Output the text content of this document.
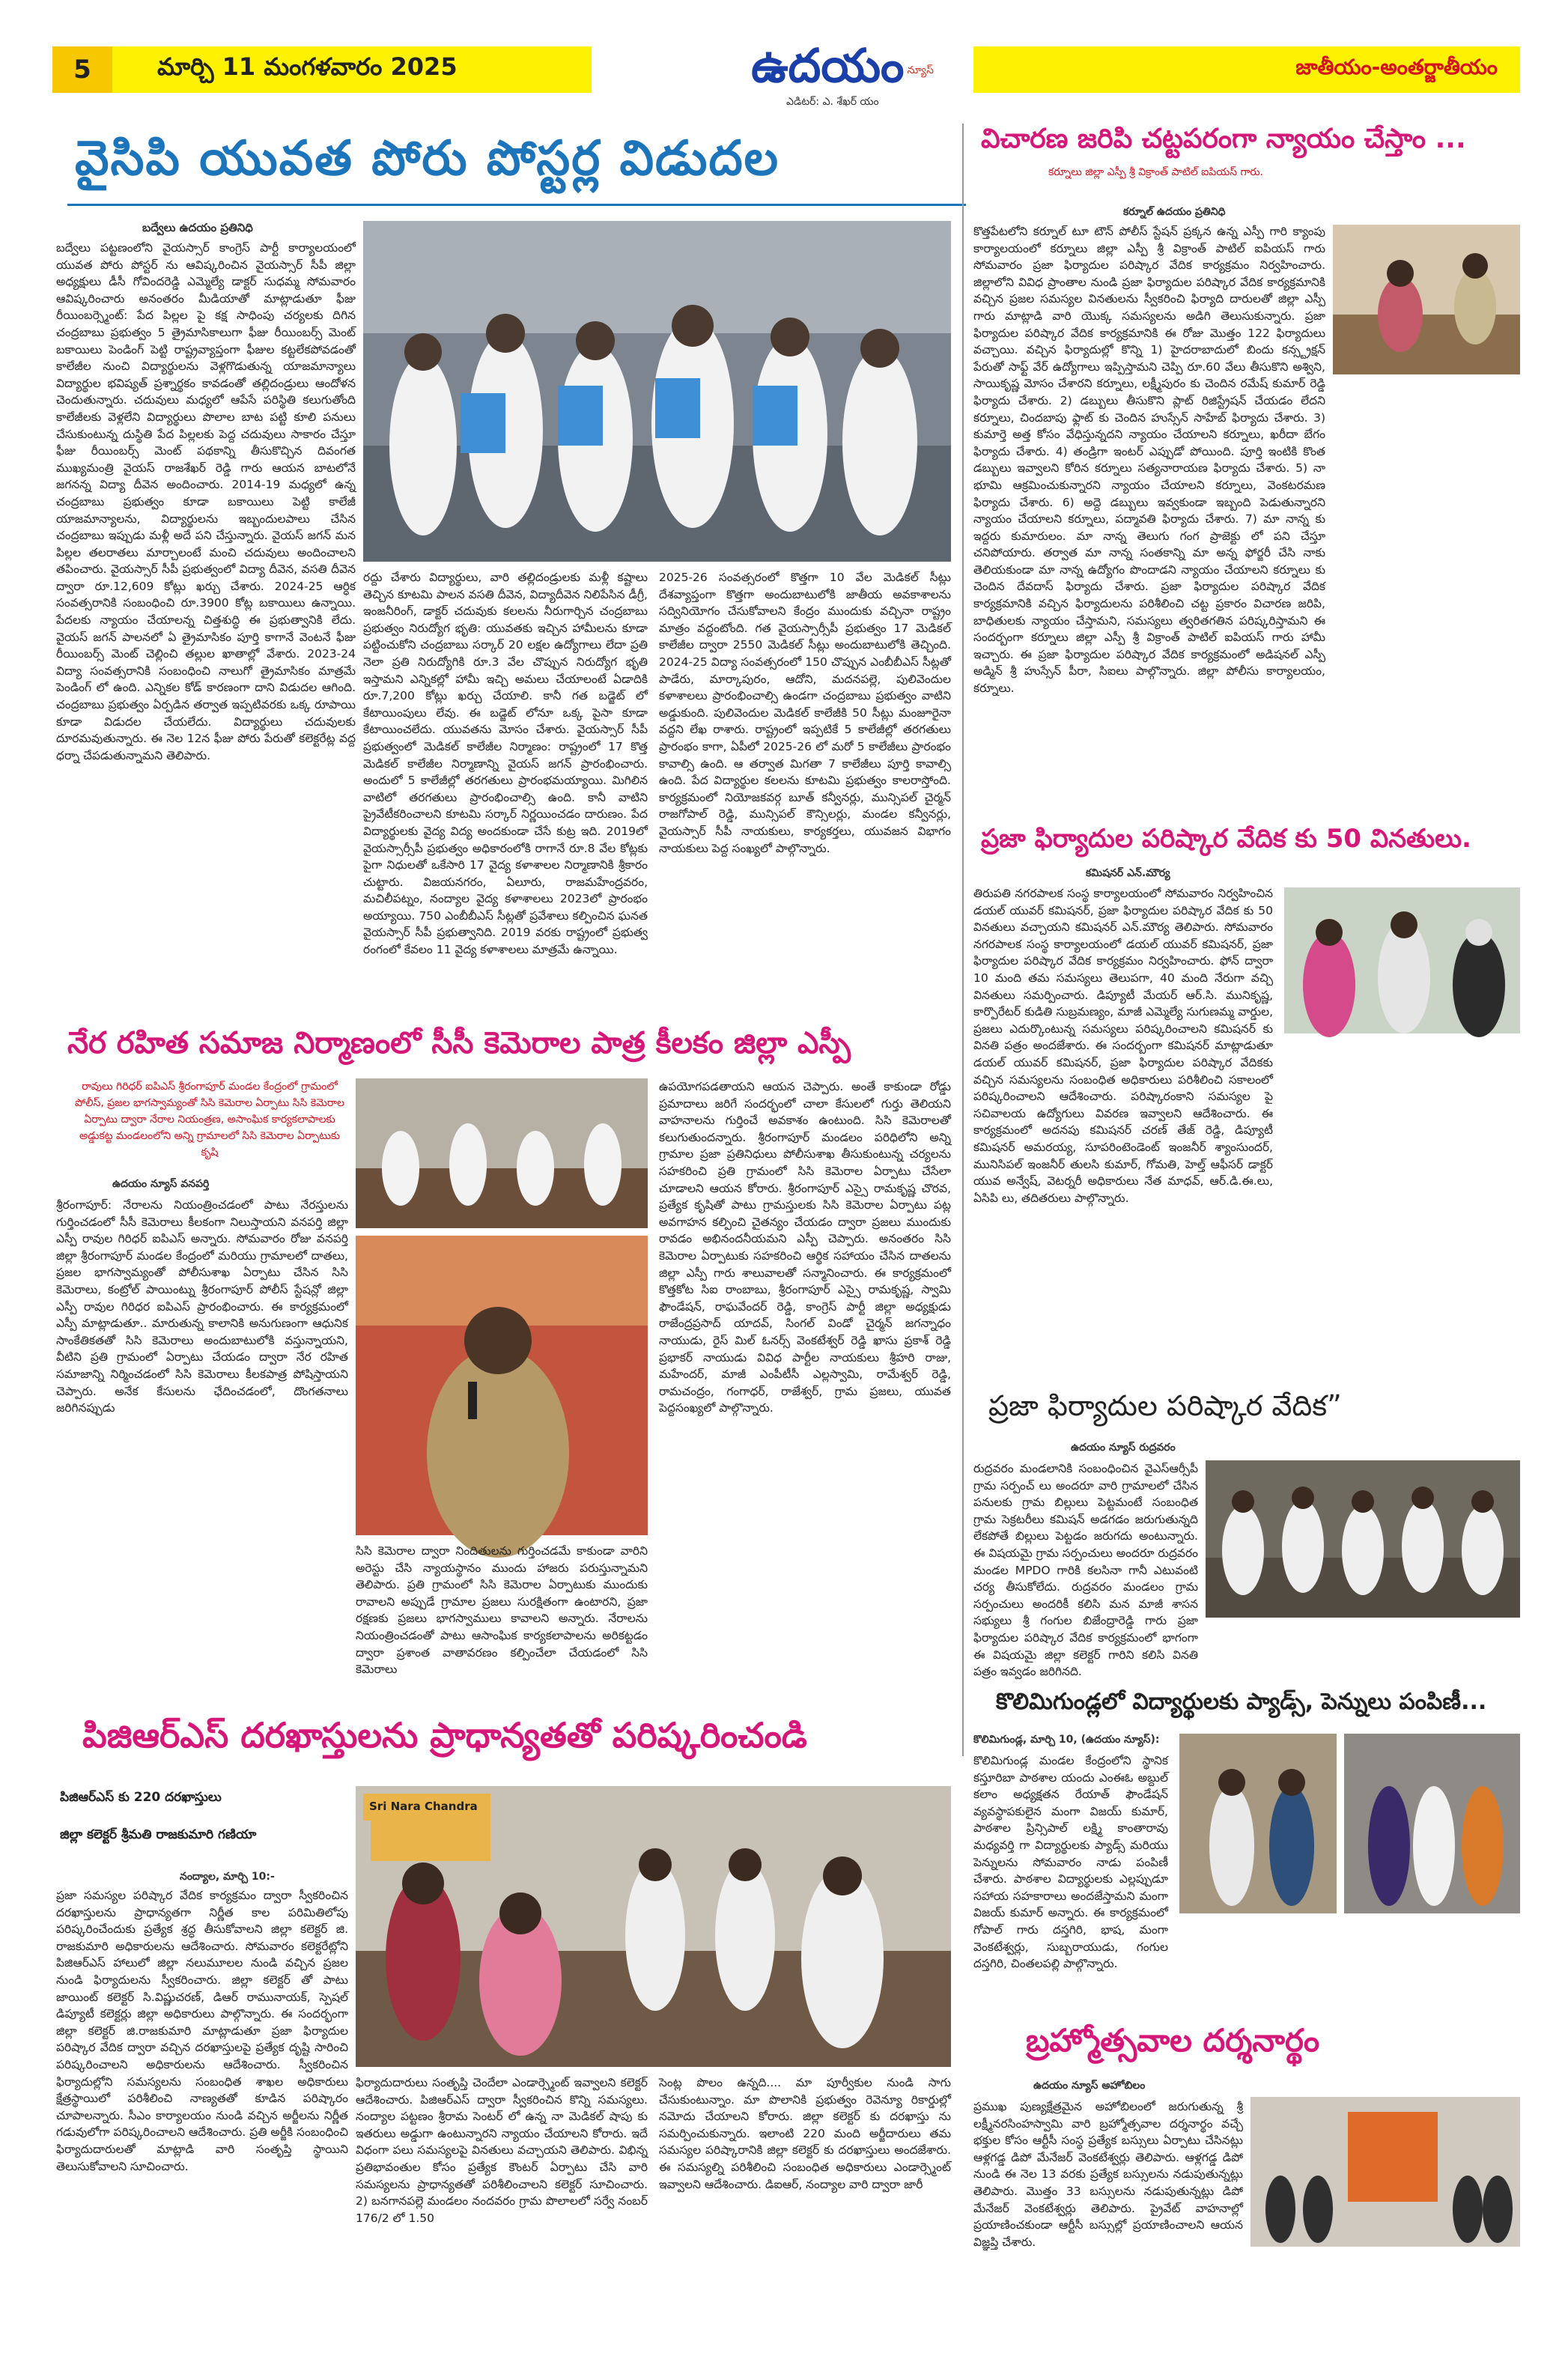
5	మార్చి 11 మంగళవారం 2025	ఉదయం న్యూస్
ఎడిటర్: ఎ. శేఖర్ యం
జాతీయం-అంతర్జాతీయం
వైసిపి యువత పోరు పోస్టర్ల విడుదల
బద్వేలు ఉదయం ప్రతినిధి
బద్వేలు పట్టణంలోని వైయస్సార్ కాంగ్రెస్ పార్టీ కార్యాలయంలో యువత పోరు పోస్టర్ ను ఆవిష్కరించిన వైయస్సార్ సీపీ జిల్లా అధ్యక్షులు డీసీ గోవిందరెడ్డి ఎమ్మెల్యే డాక్టర్ సుధమ్మ సోమవారం ఆవిష్కరించారు అనంతరం మీడియాతో మాట్లాడుతూ ఫీజు రీయింబర్స్మెంట్: పేద పిల్లల పై కక్ష సాధింపు చర్యలకు దిగిన చంద్రబాబు ప్రభుత్వం 5 త్రైమాసికాలుగా ఫీజు రీయింబర్స్ మెంట్ బకాయిలు పెండింగ్ పెట్టి రాష్ట్రవ్యాప్తంగా ఫీజుల కట్టలేకపోవడంతో కాలేజీల నుంచి విద్యార్థులను వెళ్లగొడుతున్న యాజమాన్యాలు విద్యార్థుల భవిష్యత్ ప్రశ్నార్థకం కావడంతో తల్లిదండ్రులు ఆందోళన చెందుతున్నారు. చదువులు మధ్యలో ఆపేసే పరిస్థితి కలుగుతోంది కాలేజీలకు వెళ్లలేని విద్యార్థులు పొలాల బాట పట్టి కూలి పనులు చేసుకుంటున్న దుస్థితి పేద పిల్లలకు పెద్ద చదువులు సాకారం చేస్తూ ఫీజు రీయింబర్స్ మెంట్ పథకాన్ని తీసుకొచ్చిన దివంగత ముఖ్యమంత్రి వైయస్ రాజశేఖర్ రెడ్డి గారు ఆయన బాటలోనే జగనన్న విద్యా దీవెన అందించారు. 2014-19 మధ్యలో ఉన్న చంద్రబాబు ప్రభుత్వం కూడా బకాయిలు పెట్టి కాలేజీ యాజమాన్యాలను, విద్యార్థులను ఇబ్బందులపాలు చేసిన చంద్రబాబు ఇప్పుడు మళ్లీ అదే పని చేస్తున్నారు. వైయస్ జగన్ మన పిల్లల తలరాతలు మార్చాలంటే మంచి చదువులు అందించాలని తపించారు. వైయస్సార్ సీపీ ప్రభుత్వంలో విద్యా దీవెన, వసతి దీవెన ద్వారా రూ.12,609 కోట్లు ఖర్చు చేశారు. 2024-25 ఆర్ధిక సంవత్సరానికి సంబంధించి రూ.3900 కోట్ల బకాయిలు ఉన్నాయి. పేదలకు న్యాయం చేయాలన్న చిత్తశుద్ధి ఈ ప్రభుత్వానికి లేదు. వైయస్ జగన్ పాలనలో ఏ త్రైమాసికం పూర్తి కాగానే వెంటనే ఫీజు రీయింబర్స్ మెంట్ చెల్లించి తల్లుల ఖాతాల్లో వేశారు. 2023-24 విద్యా సంవత్సరానికి సంబంధించి నాలుగో త్రైమాసికం మాత్రమే పెండింగ్ లో ఉంది. ఎన్నికల కోడ్ కారణంగా దాని విడుదల ఆగింది. చంద్రబాబు ప్రభుత్వం ఏర్పడిన తర్వాత ఇప్పటివరకు ఒక్క రూపాయి కూడా విడుదల చేయలేదు. విద్యార్థులు చదువులకు దూరమవుతున్నారు. ఈ నెల 12న ఫీజు పోరు పేరుతో కలెక్టరేట్ల వద్ద ధర్నా చేపడుతున్నామని తెలిపారు.
రద్దు చేశారు విద్యార్థులు, వారి తల్లిదండ్రులకు మళ్లీ కష్టాలు తెచ్చిన కూటమి పాలన వసతి దీవెన, విద్యాదీవెన నిలిపేసిన డీగ్రీ, ఇంజనీరింగ్, డాక్టర్ చదువుకు కలలను నీరుగార్చిన చంద్రబాబు ప్రభుత్వం నిరుద్యోగ భృతి: యువతకు ఇచ్చిన హామీలను కూడా పట్టించుకోని చంద్రబాబు సర్కార్ 20 లక్షల ఉద్యోగాలు లేదా ప్రతి నెలా ప్రతి నిరుద్యోగికి రూ.3 వేల చొప్పున నిరుద్యోగ భృతి ఇస్తామని ఎన్నికల్లో హామీ ఇచ్చి అమలు చేయాలంటే ఏడాదికి రూ.7,200 కోట్లు ఖర్చు చేయాలి. కానీ గత బడ్జెట్ లో కేటాయింపులు లేవు. ఈ బడ్జెట్ లోనూ ఒక్క పైసా కూడా కేటాయించలేదు. యువతను మోసం చేశారు. వైయస్సార్ సీపీ ప్రభుత్వంలో మెడికల్ కాలేజీల నిర్మాణం: రాష్ట్రంలో 17 కొత్త మెడికల్ కాలేజీల నిర్మాణాన్ని వైయస్ జగన్ ప్రారంభించారు. అందులో 5 కాలేజీల్లో తరగతులు ప్రారంభమయ్యాయి. మిగిలిన వాటిలో తరగతులు ప్రారంభించాల్సి ఉంది. కానీ వాటిని ప్రైవేటీకరించాలని కూటమి సర్కార్ నిర్ణయించడం దారుణం. పేద విద్యార్థులకు వైద్య విద్య అందకుండా చేసే కుట్ర ఇది. 2019లో వైయస్సార్సీపీ ప్రభుత్వం అధికారంలోకి రాగానే రూ.8 వేల కోట్లకు పైగా నిధులతో ఒకేసారి 17 వైద్య కళాశాలల నిర్మాణానికి శ్రీకారం చుట్టారు. విజయనగరం, ఏలూరు, రాజమహేంద్రవరం, మచిలీపట్నం, నంద్యాల వైద్య కళాశాలలు 2023లో ప్రారంభం అయ్యాయి. 750 ఎంబీబీఎస్ సీట్లతో ప్రవేశాలు కల్పించిన ఘనత వైయస్సార్ సీపీ ప్రభుత్వానిది. 2019 వరకు రాష్ట్రంలో ప్రభుత్వ రంగంలో కేవలం 11 వైద్య కళాశాలలు మాత్రమే ఉన్నాయి.
2025-26 సంవత్సరంలో కొత్తగా 10 వేల మెడికల్ సీట్లు దేశవ్యాప్తంగా కొత్తగా అందుబాటులోకి జాతీయ అవకాశాలను సద్వినియోగం చేసుకోవాలని కేంద్రం ముందుకు వచ్చినా రాష్ట్రం మాత్రం వద్దంటోంది. గత వైయస్సార్సీపీ ప్రభుత్వం 17 మెడికల్ కాలేజీల ద్వారా 2550 మెడికల్ సీట్లు అందుబాటులోకి తెచ్చింది. 2024-25 విద్యా సంవత్సరంలో 150 చొప్పున ఎంబీబీఎస్ సీట్లతో పాడేరు, మార్కాపురం, ఆదోని, మదనపల్లె, పులివెందుల కళాశాలలు ప్రారంభించాల్సి ఉండగా చంద్రబాబు ప్రభుత్వం వాటిని అడ్డుకుంది. పులివెందుల మెడికల్ కాలేజీకి 50 సీట్లు మంజూరైనా వద్దని లేఖ రాశారు. రాష్ట్రంలో ఇప్పటికే 5 కాలేజీల్లో తరగతులు ప్రారంభం కాగా, ఏపీలో 2025-26 లో మరో 5 కాలేజీలు ప్రారంభం కావాల్సి ఉంది. ఆ తర్వాత మిగతా 7 కాలేజీలు పూర్తి కావాల్సి ఉంది. పేద విద్యార్థుల కలలను కూటమి ప్రభుత్వం కాలరాస్తోంది. కార్యక్రమంలో నియోజకవర్గ బూత్ కన్వీనర్లు, మున్సిపల్ చైర్మన్ రాజగోపాల్ రెడ్డి, మున్సిపల్ కౌన్సిలర్లు, మండల కన్వీనర్లు, వైయస్సార్ సీపీ నాయకులు, కార్యకర్తలు, యువజన విభాగం నాయకులు పెద్ద సంఖ్యలో పాల్గొన్నారు.
విచారణ జరిపి చట్టపరంగా న్యాయం చేస్తాం ...
కర్నూలు జిల్లా ఎస్పీ శ్రీ విక్రాంత్ పాటిల్ ఐపియస్ గారు.
కర్నూల్ ఉదయం ప్రతినిధి
కొత్తపేటలోని కర్నూల్ టూ టౌన్ పోలీస్ స్టేషన్ ప్రక్కన ఉన్న ఎస్పీ గారి క్యాంపు కార్యాలయంలో కర్నూలు జిల్లా ఎస్పీ శ్రీ విక్రాంత్ పాటిల్ ఐపియస్ గారు సోమవారం ప్రజా ఫిర్యాదుల పరిష్కార వేదిక కార్యక్రమం నిర్వహించారు. జిల్లాలోని వివిధ ప్రాంతాల నుండి ప్రజా ఫిర్యాదుల పరిష్కార వేదిక కార్యక్రమానికి వచ్చిన ప్రజల సమస్యల వినతులను స్వీకరించి ఫిర్యాది దారులతో జిల్లా ఎస్పీ గారు మాట్లాడి వారి యొక్క సమస్యలను అడిగి తెలుసుకున్నారు. ప్రజా ఫిర్యాదుల పరిష్కార వేదిక కార్యక్రమానికి ఈ రోజు మొత్తం 122 ఫిర్యాదులు వచ్చాయి. వచ్చిన ఫిర్యాదుల్లో కొన్ని 1) హైదరాబాదులో బిందు కన్స్ట్రక్షన్ పేరుతో సాఫ్ట్ వేర్ ఉద్యోగాలు ఇప్పిస్తామని చెప్పి రూ.60 వేలు తీసుకొని అశ్విని, సాయికృష్ణ మోసం చేశారని కర్నూలు, లక్ష్మీపురం కు చెందిన రమేష్ కుమార్ రెడ్డి ఫిర్యాదు చేశారు. 2) డబ్బులు తీసుకొని ప్లాట్ రిజిస్ట్రేషన్ చేయడం లేదని కర్నూలు, చిందబాపు ఫ్లాట్ కు చెందిన హుస్సేన్ సాహేబ్ ఫిర్యాదు చేశారు. 3) కుమార్తె అత్త కోసం వేధిస్తున్నదని న్యాయం చేయాలని కర్నూలు, ఖరీదా బేగం ఫిర్యాదు చేశారు. 4) తండ్రిగా ఇంటర్ ఎప్పుడో పోయింది. పూర్తి ఇంటికి కొంత డబ్బులు ఇవ్వాలని కోరిన కర్నూలు సత్యనారాయణ ఫిర్యాదు చేశారు. 5) నా భూమి ఆక్రమించుకున్నారని న్యాయం చేయాలని కర్నూలు, వెంకటరమణ ఫిర్యాదు చేశారు. 6) అద్దె డబ్బులు ఇవ్వకుండా ఇబ్బంది పెడుతున్నారని న్యాయం చేయాలని కర్నూలు, పద్మావతి ఫిర్యాదు చేశారు. 7) మా నాన్న కు ఇద్దరు కుమారులం. మా నాన్న తెలుగు గంగ ప్రాజెక్టు లో పని చేస్తూ చనిపోయారు. తర్వాత మా నాన్న సంతకాన్ని మా అన్న ఫోర్జరీ చేసి నాకు తెలియకుండా మా నాన్న ఉద్యోగం పొందాడని న్యాయం చేయాలని కర్నూలు కు చెందిన దేవదాస్ ఫిర్యాదు చేశారు. ప్రజా ఫిర్యాదుల పరిష్కార వేదిక కార్యక్రమానికి వచ్చిన ఫిర్యాదులను పరిశీలించి చట్ట ప్రకారం విచారణ జరిపి, బాధితులకు న్యాయం చేస్తామని, సమస్యలు త్వరితగతిన పరిష్కరిస్తామని ఈ సందర్బంగా కర్నూలు జిల్లా ఎస్పీ శ్రీ విక్రాంత్ పాటిల్ ఐపియస్ గారు హామీ ఇచ్చారు. ఈ ప్రజా ఫిర్యాదుల పరిష్కార వేదిక కార్యక్రమంలో అడిషనల్ ఎస్పీ అడ్మిన్ శ్రీ హుస్సేన్ పీరా, సిఐలు పాల్గొన్నారు. జిల్లా పోలీసు కార్యాలయం, కర్నూలు.
ప్రజా ఫిర్యాదుల పరిష్కార వేదిక కు 50 వినతులు.
కమిషనర్ ఎన్.మౌర్య
తిరుపతి నగరపాలక సంస్థ కార్యాలయంలో సోమవారం నిర్వహించిన డయల్ యువర్ కమిషనర్, ప్రజా ఫిర్యాదుల పరిష్కార వేదిక కు 50 వినతులు వచ్చాయని కమిషనర్ ఎన్.మౌర్య తెలిపారు. సోమవారం నగరపాలక సంస్థ కార్యాలయంలో డయల్ యువర్ కమిషనర్, ప్రజా ఫిర్యాదుల పరిష్కార వేదిక కార్యక్రమం నిర్వహించారు. ఫోన్ ద్వారా 10 మంది తమ సమస్యలు తెలుపగా, 40 మంది నేరుగా వచ్చి వినతులు సమర్పించారు. డిప్యూటీ మేయర్ ఆర్.సి. మునికృష్ణ, కార్పొరేటర్ కుడితి సుబ్రమణ్యం, మాజీ ఎమ్మెల్యే సుగుణమ్మ వార్డుల, ప్రజలు ఎదుర్కొంటున్న సమస్యలు పరిష్కరించాలని కమిషనర్ కు వినతి పత్రం అందజేశారు. ఈ సందర్బంగా కమిషనర్ మాట్లాడుతూ డయల్ యువర్ కమిషనర్, ప్రజా ఫిర్యాదుల పరిష్కార వేదికకు వచ్చిన సమస్యలను సంబంధిత అధికారులు పరిశీలించి సకాలంలో పరిష్కరించాలని ఆదేశించారు. పరిష్కారంకాని సమస్యల పై సచివాలయ ఉద్యోగులు వివరణ ఇవ్వాలని ఆదేశించారు. ఈ కార్యక్రమంలో అదనపు కమిషనర్ చరణ్ తేజ్ రెడ్డి, డిప్యూటీ కమిషనర్ అమరయ్య, సూపరింటెండెంట్ ఇంజనీర్ శ్యాంసుందర్, మునిసిపల్ ఇంజనీర్ తులసి కుమార్, గోమతి, హెల్త్ ఆఫీసర్ డాక్టర్ యువ అన్వేష్, వెటర్నరీ అధికారులు నేత మాధవ్, ఆర్.డి.ఈ.లు, ఏసిపి లు, తదితరులు పాల్గొన్నారు.
ప్రజా ఫిర్యాదుల పరిష్కార వేదిక”
ఉదయం న్యూస్ రుద్రవరం
రుద్రవరం మండలానికి సంబంధించిన వైఎస్ఆర్సీపీ గ్రామ సర్పంచ్ లు అందరూ వారి గ్రామాలలో చేసిన పనులకు గ్రామ బిల్లులు పెట్టమంటే సంబంధిత గ్రామ సెక్రటరీలు కమిషన్ అడగడం జరుగుతున్నది లేకపోతే బిల్లులు పెట్టడం జరుగదు అంటున్నారు. ఈ విషయమై గ్రామ సర్పంచులు అందరూ రుద్రవరం మండల MPDO గారికి కలసినా గానీ ఎటువంటి చర్య తీసుకోలేదు. రుద్రవరం మండలం గ్రామ సర్పంచులు అందరికీ కలిసి మన మాజీ శాసన సభ్యులు శ్రీ గంగుల బిజేంద్రారెడ్డి గారు ప్రజా ఫిర్యాదుల పరిష్కార వేదిక కార్యక్రమంలో భాగంగా ఈ విషయమై జిల్లా కలెక్టర్ గారిని కలిసి వినతి పత్రం ఇవ్వడం జరిగినది.
నేర రహిత సమాజ నిర్మాణంలో సీసీ కెమెరాల పాత్ర కీలకం జిల్లా ఎస్పీ
రావులు గిరిధర్ ఐపిఎస్ శ్రీరంగాపూర్ మండల కేంద్రంలో గ్రామంలో పోలీస్, ప్రజల భాగస్వామ్యంతో సిసి కెమెరాల ఏర్పాటు సిసి కెమెరాల ఏర్పాటు ద్వారా నేరాల నియంత్రణ, అసాంఘిక కార్యకలాపాలకు అడ్డుకట్ట మండలంలోని అన్ని గ్రామాలలో సిసి కెమెరాల ఏర్పాటుకు కృషి
ఉదయం న్యూస్ వనపర్తి
శ్రీరంగాపూర్: నేరాలను నియంత్రించడంలో పాటు నేరస్తులను గుర్తించడంలో సీసీ కెమెరాలు కీలకంగా నిలుస్తాయని వనపర్తి జిల్లా ఎస్పీ రావుల గిరిధర్ ఐపిఎస్ అన్నారు. సోమవారం రోజు వనపర్తి జిల్లా శ్రీరంగాపూర్ మండల కేంద్రంలో మరియు గ్రామాలలో దాతలు, ప్రజల భాగస్వామ్యంతో పోలీసుశాఖ ఏర్పాటు చేసిన సిసి కెమెరాలు, కంట్రోల్ పాయింట్ను శ్రీరంగాపూర్ పోలీస్ స్టేషన్లో జిల్లా ఎస్పీ రావుల గిరిధర ఐపిఎస్ ప్రారంభించారు. ఈ కార్యక్రమంలో ఎస్పీ మాట్లాడుతూ.. మారుతున్న కాలానికి అనుగుణంగా ఆధునిక సాంకేతికతతో సిసి కెమెరాలు అందుబాటులోకి వస్తున్నాయని, వీటిని ప్రతి గ్రామంలో ఏర్పాటు చేయడం ద్వారా నేర రహిత సమాజాన్ని నిర్మించడంలో సిసి కెమెరాలు కీలకపాత్ర పోషిస్తాయని చెప్పారు. అనేక కేసులను ఛేదించడంలో, దొంగతనాలు జరిగినప్పుడు
సిసి కెమెరాల ద్వారా నిందితులను గుర్తించడమే కాకుండా వారిని అరెస్టు చేసి న్యాయస్థానం ముందు హాజరు పరుస్తున్నామని తెలిపారు. ప్రతి గ్రామంలో సిసి కెమెరాల ఏర్పాటుకు ముందుకు రావాలని అప్పుడే గ్రామాల ప్రజలు సురక్షితంగా ఉంటారని, ప్రజా రక్షణకు ప్రజలు భాగస్వాములు కావాలని అన్నారు. నేరాలను నియంత్రించడంతో పాటు ఆసాంఘిక కార్యకలాపాలను అరికట్టడం ద్వారా ప్రశాంత వాతావరణం కల్పించేలా చేయడంలో సిసి కెమెరాలు
ఉపయోగపడతాయని ఆయన చెప్పారు. అంతే కాకుండా రోడ్డు ప్రమాదాలు జరిగే సందర్భంలో చాలా కేసులలో గుర్తు తెలియని వాహనాలను గుర్తించే అవకాశం ఉంటుంది. సిసి కెమెరాలతో కలుగుతుందన్నారు. శ్రీరంగాపూర్ మండలం పరిధిలోని అన్ని గ్రామాల ప్రజా ప్రతినిధులు పోలీసుశాఖ తీసుకుంటున్న చర్యలను సహకరించి ప్రతి గ్రామంలో సిసి కెమెరాల ఏర్పాటు చేసేలా చూడాలని ఆయన కోరారు. శ్రీరంగాపూర్ ఎస్సై రామకృష్ణ చొరవ, ప్రత్యేక కృషితో పాటు గ్రామస్తులకు సిసి కెమెరాల ఏర్పాటు పట్ల అవగాహన కల్పించి చైతన్యం చేయడం ద్వారా ప్రజలు ముందుకు రావడం అభినందనీయమని ఎస్పీ చెప్పారు. అనంతరం సిసి కెమెరాల ఏర్పాటుకు సహకరించి ఆర్థిక సహాయం చేసిన దాతలను జిల్లా ఎస్పీ గారు శాలువాలతో సన్మానించారు. ఈ కార్యక్రమంలో కొత్తకోట సిఐ రాంబాబు, శ్రీరంగాపూర్ ఎస్సై రామకృష్ణ, స్వామి ఫౌండేషన్, రాఘవేందర్ రెడ్డి, కాంగ్రెస్ పార్టీ జిల్లా అధ్యక్షుడు రాజేంద్రప్రసాద్ యాదవ్, సింగల్ విండో చైర్మన్ జగన్నాధం నాయుడు, రైస్ మిల్ ఓనర్స్ వెంకటేశ్వర్ రెడ్డి ఖాసు ప్రకాశ్ రెడ్డి ప్రభాకర్ నాయుడు వివిధ పార్టీల నాయకులు శ్రీహరి రాజు, మహేందర్, మాజీ ఎంపీటీసీ ఎల్లస్వామి, రామేశ్వర్ రెడ్డి, రామచంద్రం, గంగాధర్, రాజేశ్వర్, గ్రామ ప్రజలు, యువత పెద్దసంఖ్యలో పాల్గొన్నారు.
కొలిమిగుండ్లలో విద్యార్థులకు ప్యాడ్స్, పెన్నులు పంపిణీ...
కొలిమిగుండ్ల, మార్చి 10, (ఉదయం న్యూస్):
కొలిమిగుండ్ల మండల కేంద్రంలోని స్థానిక కస్తూరిబా పాఠశాల యందు ఎంఈఓ అబ్దుల్ కలాం అధ్యక్షతన రేయాత్ ఫౌండేషన్ వ్యవస్థాపకులైన మంగా విజయ్ కుమార్, పాఠశాల ప్రిన్సిపాల్ లక్ష్మి కాంతారావు మధ్యవర్తి గా విద్యార్థులకు ప్యాడ్స్ మరియు పెన్నులను సోమవారం నాడు పంపిణీ చేశారు. పాఠశాల విద్యార్థులకు ఎల్లప్పుడూ సహాయ సహకారాలు అందజేస్తామని మంగా విజయ్ కుమార్ అన్నారు. ఈ కార్యక్రమంలో గోపాల్ గారు దస్తగిరి, భాష, మంగా వెంకటేశ్వర్లు, సుబ్బరాయుడు, గంగుల దస్తగిరి, చింతలపల్లి పాల్గొన్నారు.
బ్రహ్మోత్సవాల దర్శనార్థం
ఉదయం న్యూస్ అహోబిలం
ప్రముఖ పుణ్యక్షేత్రమైన అహోబిలంలో జరుగుతున్న శ్రీ లక్ష్మీనరసింహస్వామి వారి బ్రహ్మోత్సవాల దర్శనార్థం వచ్చే భక్తుల కోసం ఆర్టీసీ సంస్థ ప్రత్యేక బస్సులు ఏర్పాటు చేసినట్లు ఆళ్లగడ్డ డిపో మేనేజర్ వెంకటేశ్వర్లు తెలిపారు. ఆళ్లగడ్డ డిపో నుండి ఈ నెల 13 వరకు ప్రత్యేక బస్సులను నడుపుతున్నట్లు తెలిపారు. మొత్తం 33 బస్సులను నడుపుతున్నట్లు డిపో మేనేజర్ వెంకటేశ్వర్లు తెలిపారు. ప్రైవేట్ వాహనాల్లో ప్రయాణించకుండా ఆర్టీసీ బస్సుల్లో ప్రయాణించాలని ఆయన విజ్ఞప్తి చేశారు.
పిజిఆర్ఎస్ దరఖాస్తులను ప్రాధాన్యతతో పరిష్కరించండి
పిజిఆర్ఎస్ కు 220 దరఖాస్తులు
జిల్లా కలెక్టర్ శ్రీమతి రాజకుమారి గణియా
నంద్యాల, మార్చి 10:-
ప్రజా సమస్యల పరిష్కార వేదిక కార్యక్రమం ద్వారా స్వీకరించిన దరఖాస్తులను ప్రాధాన్యతగా నిర్ణీత కాల పరిమితిలోపు పరిష్కరించేందుకు ప్రత్యేక శ్రద్ధ తీసుకోవాలని జిల్లా కలెక్టర్ జి. రాజకుమారి అధికారులను ఆదేశించారు. సోమవారం కలెక్టరేట్లోని పిజిఆర్ఎస్ హాలులో జిల్లా నలుమూలల నుండి వచ్చిన ప్రజల నుండి ఫిర్యాదులను స్వీకరించారు. జిల్లా కలెక్టర్ తో పాటు జాయింట్ కలెక్టర్ సి.విష్ణుచరణ్, డిఆర్ రామునాయక్, స్పెషల్ డిప్యూటీ కలెక్టర్లు జిల్లా అధికారులు పాల్గొన్నారు. ఈ సందర్భంగా జిల్లా కలెక్టర్ జి.రాజకుమారి మాట్లాడుతూ ప్రజా ఫిర్యాదుల పరిష్కార వేదిక ద్వారా వచ్చిన దరఖాస్తులపై ప్రత్యేక దృష్టి సారించి పరిష్కరించాలని అధికారులను ఆదేశించారు. స్వీకరించిన ఫిర్యాదుల్లోని సమస్యలను సంబంధిత శాఖల అధికారులు క్షేత్రస్థాయిలో పరిశీలించి నాణ్యతతో కూడిన పరిష్కారం చూపాలన్నారు. సీఎం కార్యాలయం నుండి వచ్చిన అర్జీలను నిర్ణీత గడువులోగా పరిష్కరించాలని ఆదేశించారు. ప్రతి అర్జీకి సంబంధించి ఫిర్యాదుదారులతో మాట్లాడి వారి సంతృప్తి స్థాయిని తెలుసుకోవాలని సూచించారు.
Sri Nara Chandra
ఫిర్యాదుదారులు సంతృప్తి చెందేలా ఎండార్స్మెంట్ ఇవ్వాలని కలెక్టర్ ఆదేశించారు. పిజిఆర్ఎస్ ద్వారా స్వీకరించిన కొన్ని సమస్యలు. నంద్యాల పట్టణం శ్రీరామ సెంటర్ లో ఉన్న నా మెడికల్ షాపు కు ఇతరులు అడ్డుగా ఉంటున్నారని న్యాయం చేయాలని కోరారు. ఇదే విధంగా పలు సమస్యలపై వినతులు వచ్చాయని తెలిపారు. విభిన్న ప్రతిభావంతుల కోసం ప్రత్యేక కౌంటర్ ఏర్పాటు చేసి వారి సమస్యలను ప్రాధాన్యతతో పరిశీలించాలని కలెక్టర్ సూచించారు. 2) బనగానపల్లె మండలం నందవరం గ్రామ పొలాలలో సర్వే నంబర్ 176/2 లో 1.50
సెంట్ల పొలం ఉన్నది.... మా పూర్వీకుల నుండి సాగు చేసుకుంటున్నాం. మా పొలానికి ప్రభుత్వం రెవెన్యూ రికార్డుల్లో నమోదు చేయాలని కోరారు. జిల్లా కలెక్టర్ కు దరఖాస్తు ను సమర్పించుకున్నారు. ఇలాంటి 220 మంది అర్జీదారులు తమ సమస్యల పరిష్కారానికి జిల్లా కలెక్టర్ కు దరఖాస్తులు అందజేశారు. ఈ సమస్యల్ని పరిశీలించి సంబంధిత అధికారులు ఎండార్స్మెంట్ ఇవ్వాలని ఆదేశించారు. డిఐఆర్, నంద్యాల వారి ద్వారా జారీ
